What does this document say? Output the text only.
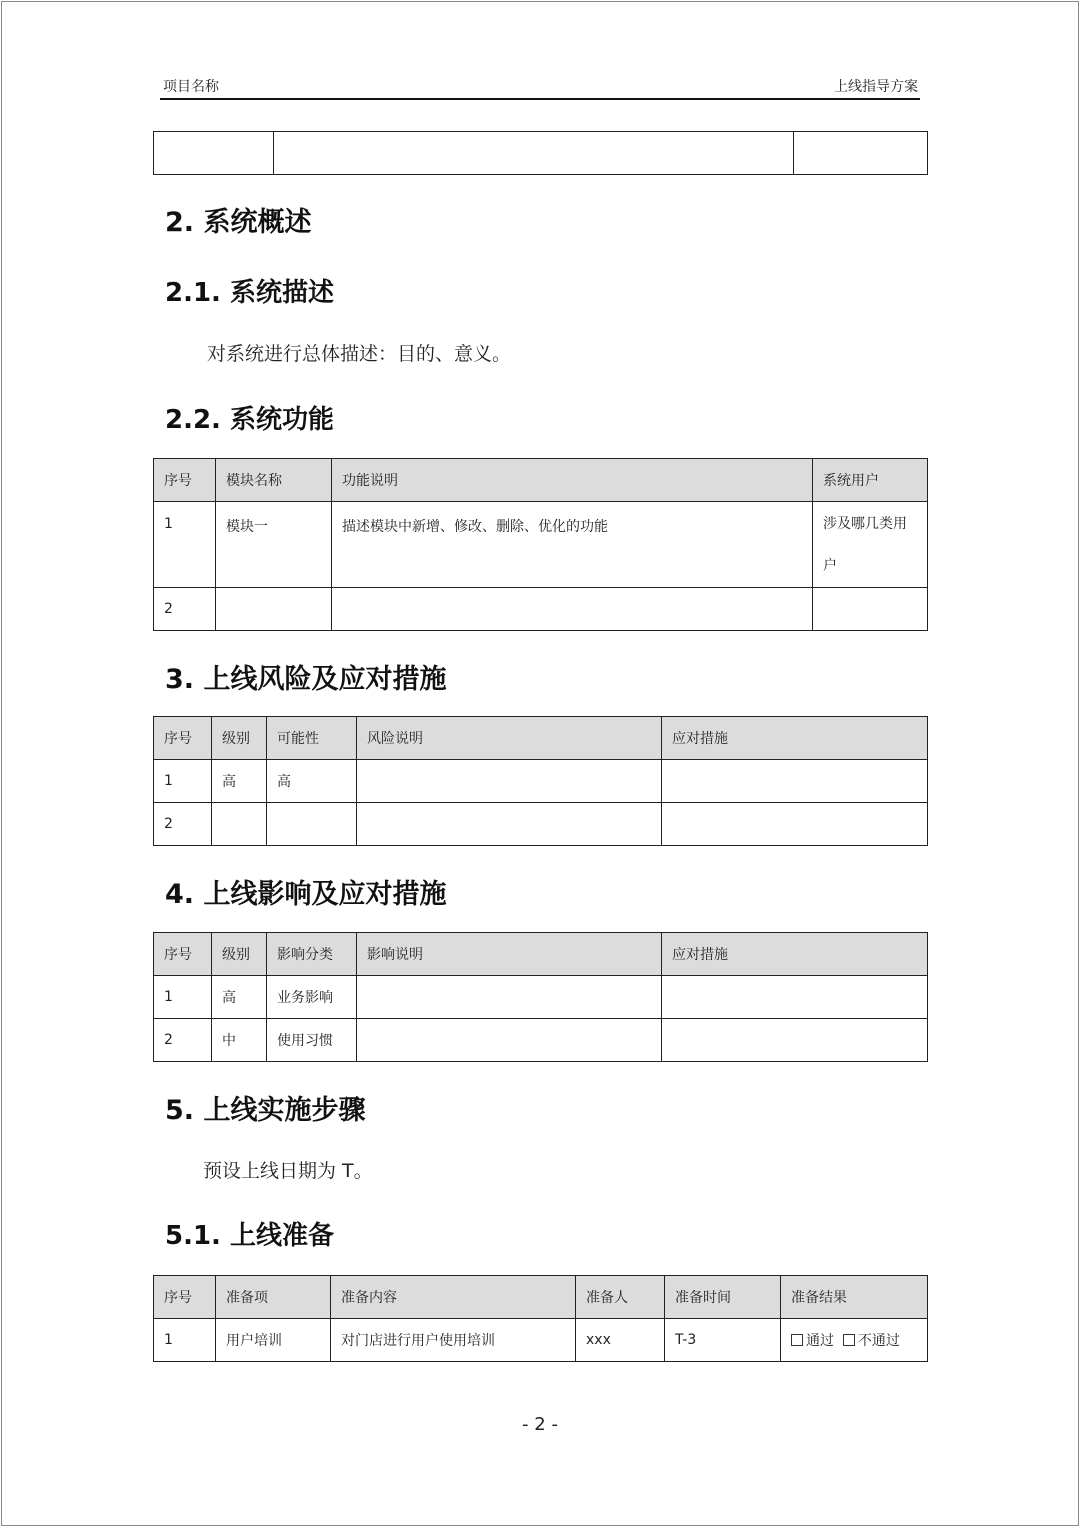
项目名称	上线指导方案

2. 系统概述
2.1. 系统描述
对系统进行总体描述：目的、意义。
2.2. 系统功能
序号	模块名称	功能说明	系统用户
1	模块一	描述模块中新增、修改、删除、优化的功能	涉及哪几类用户
2			
3. 上线风险及应对措施
序号	级别	可能性	风险说明	应对措施
1	高	高		
2				
4. 上线影响及应对措施
序号	级别	影响分类	影响说明	应对措施
1	高	业务影响		
2	中	使用习惯		
5. 上线实施步骤
预设上线日期为 T。
5.1. 上线准备
序号	准备项	准备内容	准备人	准备时间	准备结果
1	用户培训	对门店进行用户使用培训	xxx	T-3	通过 不通过
- 2 -
